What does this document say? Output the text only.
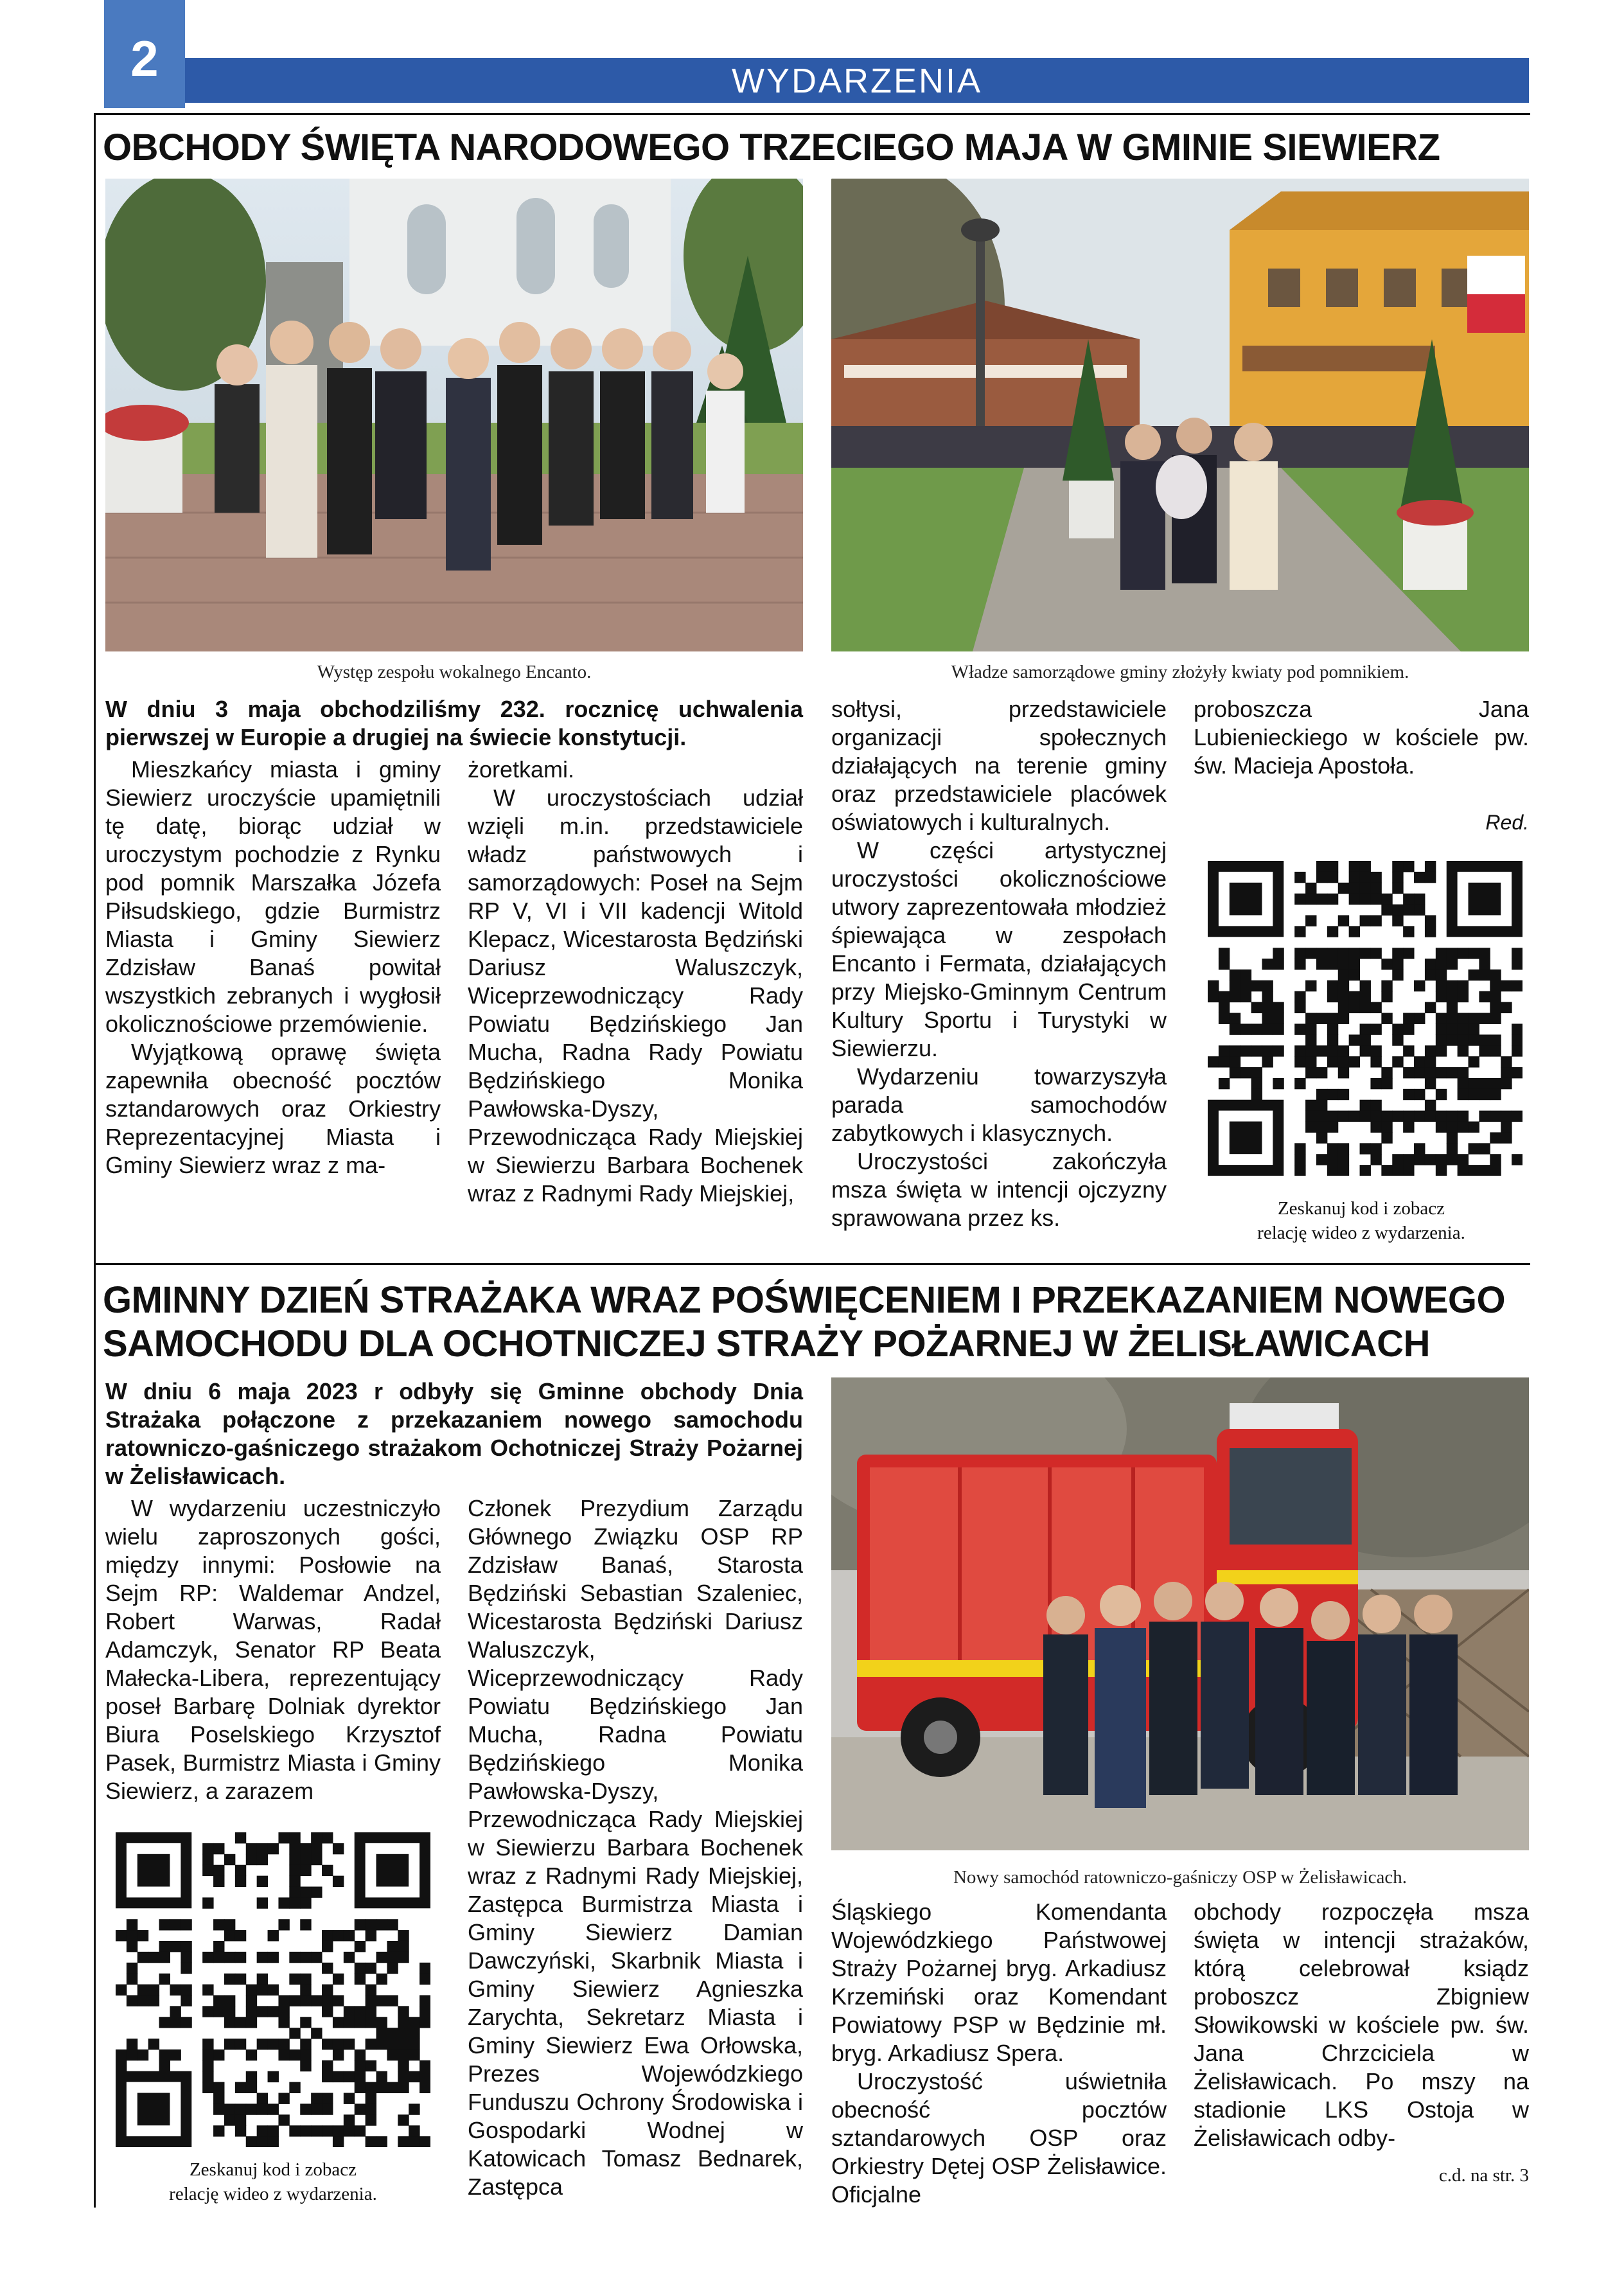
2	WYDARZENIA
OBCHODY ŚWIĘTA NARODOWEGO TRZECIEGO MAJA W GMINIE SIEWIERZ
Występ zespołu wokalnego Encanto.	Władze samorządowe gminy złożyły kwiaty pod pomnikiem.
W dniu 3 maja obchodziliśmy 232. rocznicę uchwalenia pierwszej w Europie a drugiej na świecie konstytucji.

Mieszkańcy miasta i gminy Siewierz uroczyście upamiętnili tę datę, biorąc udział w uroczystym pochodzie z Rynku pod pomnik Marszałka Józefa Piłsudskiego, gdzie Burmistrz Miasta i Gminy Siewierz Zdzisław Banaś powitał wszystkich zebranych i wygłosił okolicznościowe przemówienie.

Wyjątkową oprawę święta zapewniła obecność pocztów sztandarowych oraz Orkiestry Reprezentacyjnej Miasta i Gminy Siewierz wraz z ma-

żoretkami.

W uroczystościach udział wzięli m.in. przedstawiciele władz państwowych i samorządowych: Poseł na Sejm RP V, VI i VII kadencji Witold Klepacz, Wicestarosta Będziński Dariusz Waluszczyk, Wiceprzewodniczący Rady Powiatu Będzińskiego Jan Mucha, Radna Rady Powiatu Będzińskiego Monika Pawłowska-Dyszy, Przewodnicząca Rady Miejskiej w Siewierzu Barbara Bochenek wraz z Radnymi Rady Miejskiej,

sołtysi, przedstawiciele organizacji społecznych działających na terenie gminy oraz przedstawiciele placówek oświatowych i kulturalnych.

W części artystycznej uroczystości okolicznościowe utwory zaprezentowała młodzież śpiewająca w zespołach Encanto i Fermata, działających przy Miejsko-Gminnym Centrum Kultury Sportu i Turystyki w Siewierzu.

Wydarzeniu towarzyszyła parada samochodów zabytkowych i klasycznych.

Uroczystości zakończyła msza święta w intencji ojczyzny sprawowana przez ks.

proboszcza Jana Lubienieckiego w kościele pw. św. Macieja Apostoła.

Red.
Zeskanuj kod i zobacz
relację wideo z wydarzenia.
GMINNY DZIEŃ STRAŻAKA WRAZ POŚWIĘCENIEM I PRZEKAZANIEM NOWEGO
SAMOCHODU DLA OCHOTNICZEJ STRAŻY POŻARNEJ W ŻELISŁAWICACH
W dniu 6 maja 2023 r odbyły się Gminne obchody Dnia Strażaka połączone z przekazaniem nowego samochodu ratowniczo-gaśniczego strażakom Ochotniczej Straży Pożarnej w Żelisławicach.

W wydarzeniu uczestniczyło wielu zaproszonych gości, między innymi: Posłowie na Sejm RP: Waldemar Andzel, Robert Warwas, Radał Adamczyk, Senator RP Beata Małecka-Libera, reprezentujący poseł Barbarę Dolniak dyrektor Biura Poselskiego Krzysztof Pasek, Burmistrz Miasta i Gminy Siewierz, a zarazem

Zeskanuj kod i zobacz
relację wideo z wydarzenia.

Członek Prezydium Zarządu Głównego Związku OSP RP Zdzisław Banaś, Starosta Będziński Sebastian Szaleniec, Wicestarosta Będziński Dariusz Waluszczyk, Wiceprzewodniczący Rady Powiatu Będzińskiego Jan Mucha, Radna Powiatu Będzińskiego Monika Pawłowska-Dyszy, Przewodnicząca Rady Miejskiej w Siewierzu Barbara Bochenek wraz z Radnymi Rady Miejskiej, Zastępca Burmistrza Miasta i Gminy Siewierz Damian Dawczyński, Skarbnik Miasta i Gminy Siewierz Agnieszka Zarychta, Sekretarz Miasta i Gminy Siewierz Ewa Orłowska, Prezes Wojewódzkiego Funduszu Ochrony Środowiska i Gospodarki Wodnej w Katowicach Tomasz Bednarek, Zastępca

Nowy samochód ratowniczo-gaśniczy OSP w Żelisławicach.

Śląskiego Komendanta Wojewódzkiego Państwowej Straży Pożarnej bryg. Arkadiusz Krzemiński oraz Komendant Powiatowy PSP w Będzinie mł. bryg. Arkadiusz Spera.

Uroczystość uświetniła obecność pocztów sztandarowych OSP oraz Orkiestry Dętej OSP Żelisławice. Oficjalne

obchody rozpoczęła msza święta w intencji strażaków, którą celebrował ksiądz proboszcz Zbigniew Słowikowski w kościele pw. św. Jana Chrzciciela w Żelisławicach. Po mszy na stadionie LKS Ostoja w Żelisławicach odby-

c.d. na str. 3
